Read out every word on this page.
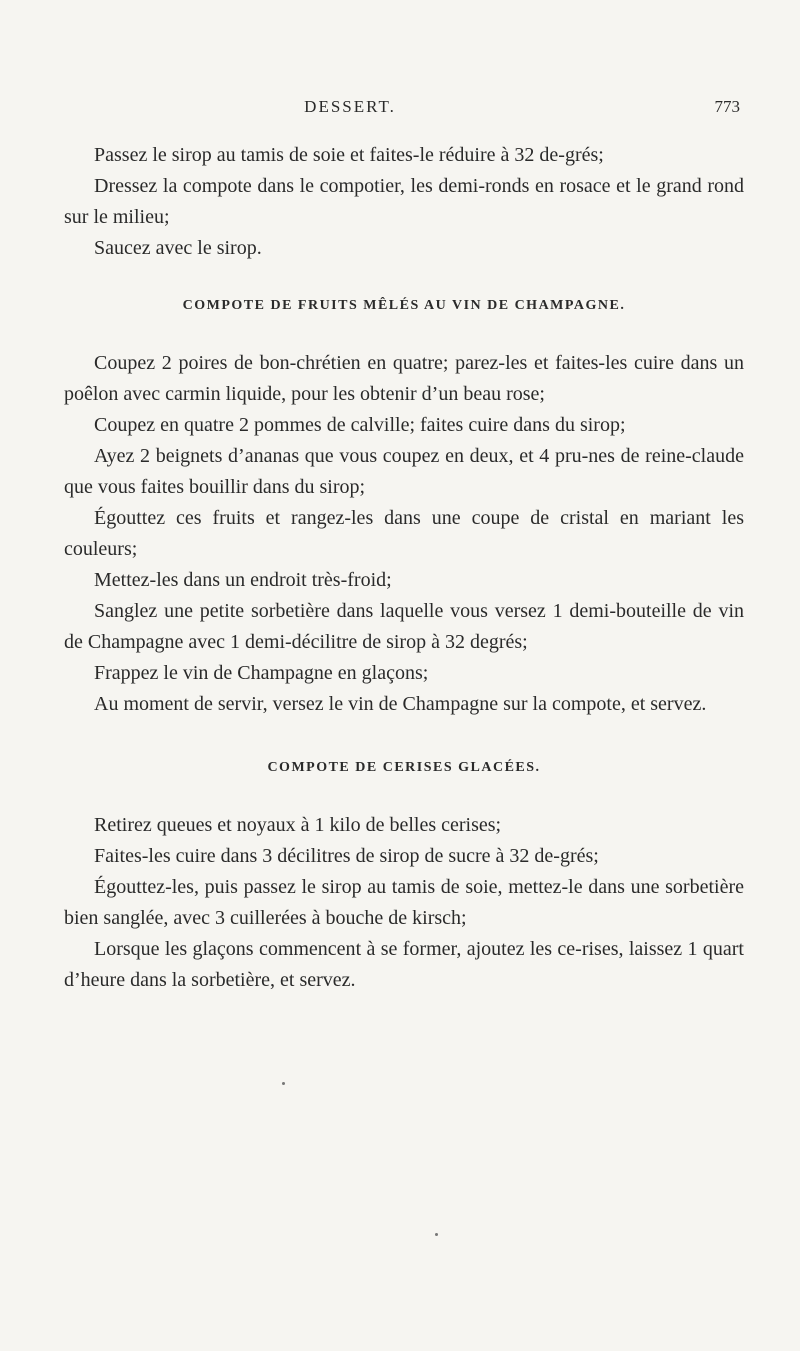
DESSERT.	773

Passez le sirop au tamis de soie et faites-le réduire à 32 de-grés;

Dressez la compote dans le compotier, les demi-ronds en rosace et le grand rond sur le milieu;

Saucez avec le sirop.

COMPOTE DE FRUITS MÊLÉS AU VIN DE CHAMPAGNE.

Coupez 2 poires de bon-chrétien en quatre; parez-les et faites-les cuire dans un poêlon avec carmin liquide, pour les obtenir d’un beau rose;

Coupez en quatre 2 pommes de calville; faites cuire dans du sirop;

Ayez 2 beignets d’ananas que vous coupez en deux, et 4 pru-nes de reine-claude que vous faites bouillir dans du sirop;

Égouttez ces fruits et rangez-les dans une coupe de cristal en mariant les couleurs;

Mettez-les dans un endroit très-froid;

Sanglez une petite sorbetière dans laquelle vous versez 1 demi-bouteille de vin de Champagne avec 1 demi-décilitre de sirop à 32 degrés;

Frappez le vin de Champagne en glaçons;

Au moment de servir, versez le vin de Champagne sur la compote, et servez.

COMPOTE DE CERISES GLACÉES.

Retirez queues et noyaux à 1 kilo de belles cerises;

Faites-les cuire dans 3 décilitres de sirop de sucre à 32 de-grés;

Égouttez-les, puis passez le sirop au tamis de soie, mettez-le dans une sorbetière bien sanglée, avec 3 cuillerées à bouche de kirsch;

Lorsque les glaçons commencent à se former, ajoutez les ce-rises, laissez 1 quart d’heure dans la sorbetière, et servez.
